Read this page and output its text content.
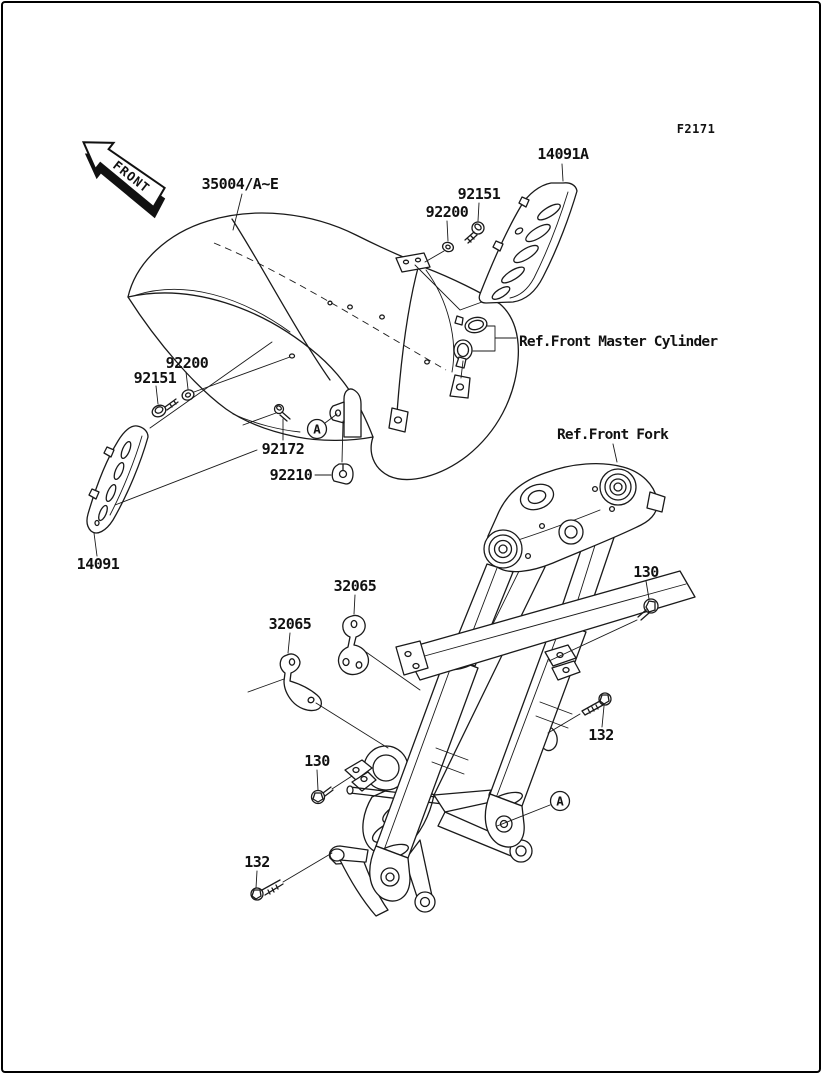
FRONT
F2171
A
A
35004/A~E
14091A
92151
92200
92200
92151
92172
92210
14091
32065
32065
130
132
130
132
Ref.Front Master Cylinder
Ref.Front Fork
